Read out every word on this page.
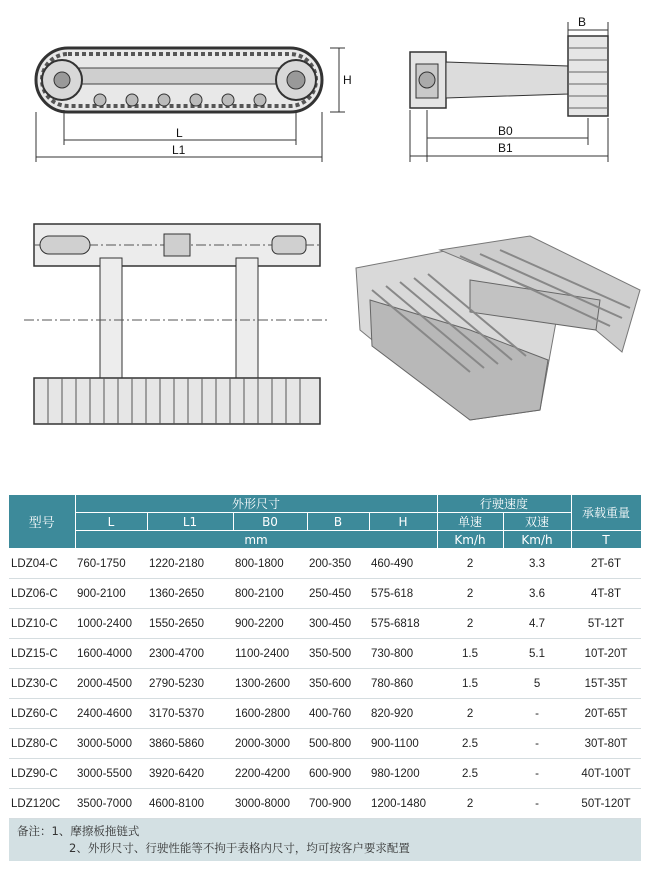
L
L1
H
B
B0
B1
型号	外形尺寸					行驶速度		承载重量
	L	L1	B0	B	H	单速	双速	
	mm					Km/h	Km/h	T
LDZ04-C	760-1750	1220-2180	800-1800	200-350	460-490	2	3.3	2T-6T
LDZ06-C	900-2100	1360-2650	800-2100	250-450	575-618	2	3.6	4T-8T
LDZ10-C	1000-2400	1550-2650	900-2200	300-450	575-6818	2	4.7	5T-12T
LDZ15-C	1600-4000	2300-4700	1100-2400	350-500	730-800	1.5	5.1	10T-20T
LDZ30-C	2000-4500	2790-5230	1300-2600	350-600	780-860	1.5	5	15T-35T
LDZ60-C	2400-4600	3170-5370	1600-2800	400-760	820-920	2	-	20T-65T
LDZ80-C	3000-5000	3860-5860	2000-3000	500-800	900-1100	2.5	-	30T-80T
LDZ90-C	3000-5500	3920-6420	2200-4200	600-900	980-1200	2.5	-	40T-100T
LDZ120C	3500-7000	4600-8100	3000-8000	700-900	1200-1480	2	-	50T-120T
备注：1、摩擦板拖链式
2、外形尺寸、行驶性能等不拘于表格内尺寸，均可按客户要求配置
